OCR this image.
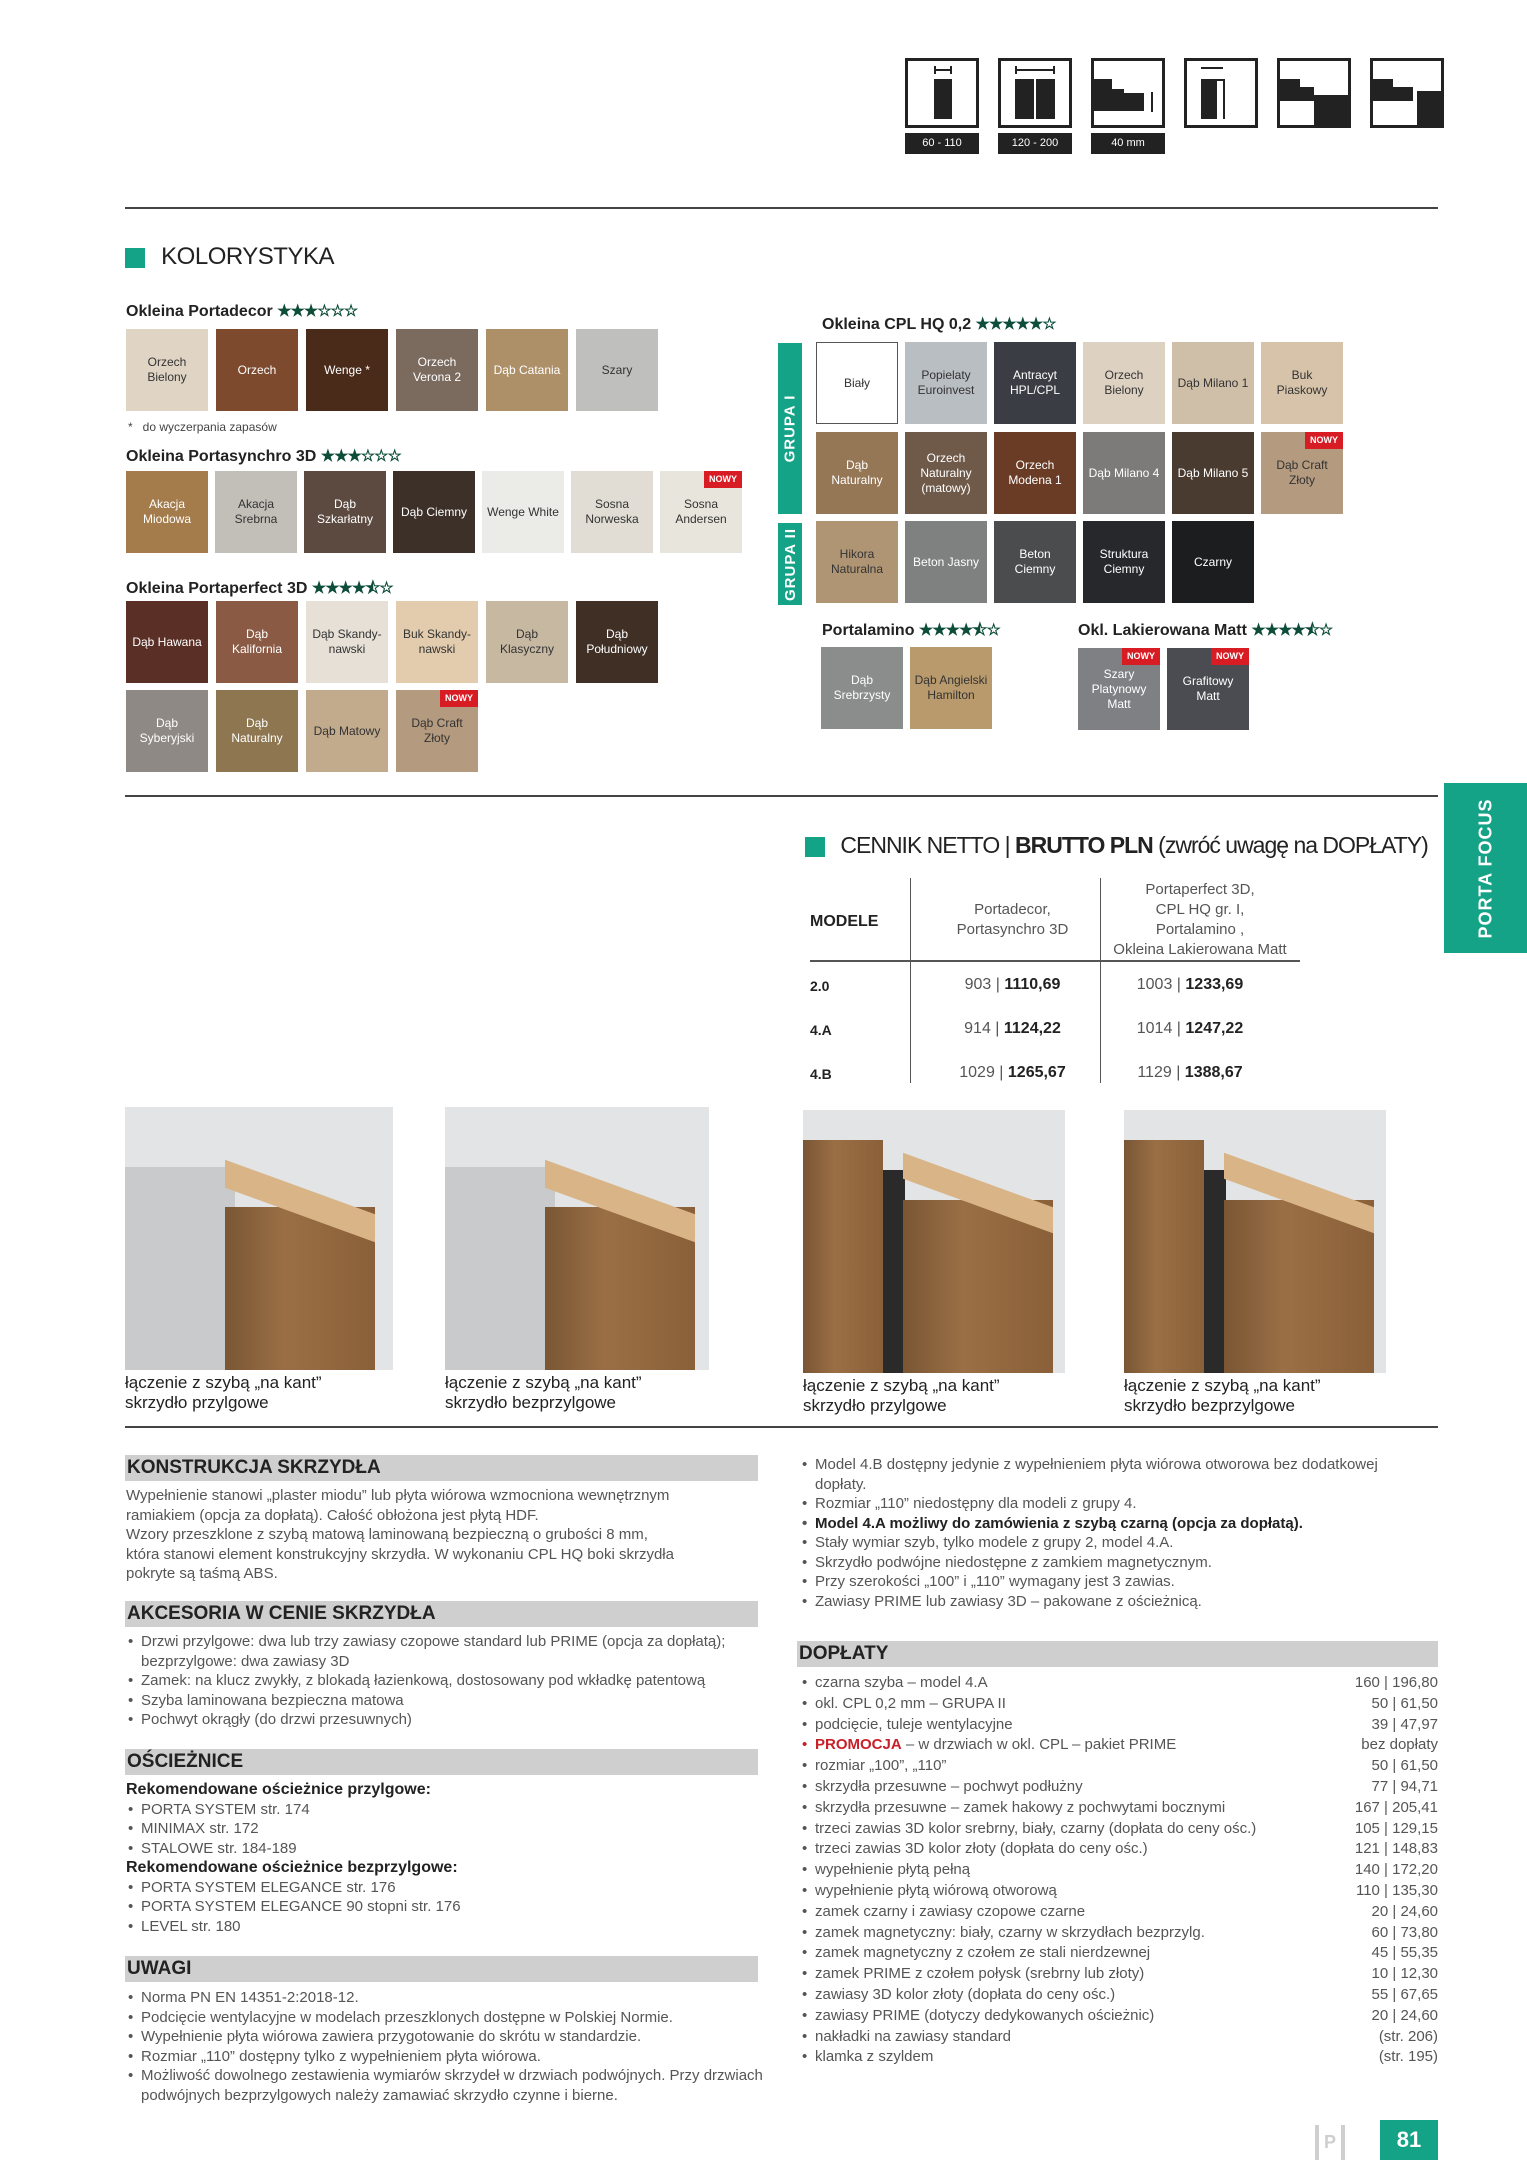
60 - 110	120 - 200	40 mm
KOLORYSTYKA
Okleina Portadecor ★★★☆☆☆
Orzech Bielony
Orzech	Wenge *
Orzech Verona 2
Dąb Catania	Szary
*   do wyczerpania zapasów
Okleina Portasynchro 3D ★★★☆☆☆
Akacja Miodowa
Akacja Srebrna
Dąb Szkarłatny
Dąb Ciemny	Wenge White
Sosna Norweska
Sosna Andersen
NOWY
Okleina Portaperfect 3D ★★★★⯪☆
Dąb Hawana
Dąb Kalifornia
Dąb Skandy-nawski
Buk Skandy-nawski
Dąb Klasyczny
Dąb Południowy
Dąb Syberyjski
Dąb Naturalny
Dąb Matowy
Dąb Craft Złoty
NOWY
Okleina CPL HQ 0,2 ★★★★★☆
GRUPA I
GRUPA II
Biały
Popielaty Euroinvest
Antracyt HPL/CPL
Orzech Bielony
Dąb Milano 1
Buk Piaskowy
Dąb Naturalny
Orzech Naturalny (matowy)
Orzech Modena 1
Dąb Milano 4	Dąb Milano 5
Dąb Craft Złoty
NOWY
Hikora Naturalna
Beton Jasny
Beton Ciemny
Struktura Ciemny
Czarny
Portalamino ★★★★⯪☆
Dąb Srebrzysty
Dąb Angielski Hamilton
Okl. Lakierowana Matt ★★★★⯪☆
Szary Platynowy Matt
NOWY
Grafitowy Matt
NOWY
PORTA FOCUS
CENNIK NETTO | BRUTTO PLN (zwróć uwagę na DOPŁATY)
MODELE
Portadecor, Portasynchro 3D
Portaperfect 3D,
CPL HQ gr. I,
Portalamino ,
Okleina Lakierowana Matt
2.0	903 | 1110,69	1003 | 1233,69
4.A	914 | 1124,22	1014 | 1247,22
4.B	1029 | 1265,67	1129 | 1388,67
łączenie z szybą „na kant”
skrzydło przylgowe
łączenie z szybą „na kant”
skrzydło bezprzylgowe
łączenie z szybą „na kant”
skrzydło przylgowe
łączenie z szybą „na kant”
skrzydło bezprzylgowe
KONSTRUKCJA SKRZYDŁA
Wypełnienie stanowi „plaster miodu” lub płyta wiórowa wzmocniona wewnętrznym
ramiakiem (opcja za dopłatą). Całość obłożona jest płytą HDF.
Wzory przeszklone z szybą matową laminowaną bezpieczną o grubości 8 mm,
która stanowi element konstrukcyjny skrzydła. W wykonaniu CPL HQ boki skrzydła
pokryte są taśmą ABS.
AKCESORIA W CENIE SKRZYDŁA
• Drzwi przylgowe: dwa lub trzy zawiasy czopowe standard lub PRIME (opcja za dopłatą); bezprzylgowe: dwa zawiasy 3D
• Zamek: na klucz zwykły, z blokadą łazienkową, dostosowany pod wkładkę patentową
• Szyba laminowana bezpieczna matowa
• Pochwyt okrągły (do drzwi przesuwnych)
OŚCIEŻNICE
Rekomendowane ościeżnice przylgowe:
• PORTA SYSTEM str. 174
• MINIMAX str. 172
• STALOWE str. 184-189
Rekomendowane ościeżnice bezprzylgowe:
• PORTA SYSTEM ELEGANCE str. 176
• PORTA SYSTEM ELEGANCE 90 stopni str. 176
• LEVEL str. 180
UWAGI
• Norma PN EN 14351-2:2018-12.
• Podcięcie wentylacyjne w modelach przeszklonych dostępne w Polskiej Normie.
• Wypełnienie płyta wiórowa zawiera przygotowanie do skrótu w standardzie.
• Rozmiar „110” dostępny tylko z wypełnieniem płyta wiórowa.
• Możliwość dowolnego zestawienia wymiarów skrzydeł w drzwiach podwójnych. Przy drzwiach podwójnych bezprzylgowych należy zamawiać skrzydło czynne i bierne.
• Model 4.B dostępny jedynie z wypełnieniem płyta wiórowa otworowa bez dodatkowej dopłaty.
• Rozmiar „110” niedostępny dla modeli z grupy 4.
• Model 4.A możliwy do zamówienia z szybą czarną (opcja za dopłatą).
• Stały wymiar szyb, tylko modele z grupy 2, model 4.A.
• Skrzydło podwójne niedostępne z zamkiem magnetycznym.
• Przy szerokości „100” i „110” wymagany jest 3 zawias.
• Zawiasy PRIME lub zawiasy 3D – pakowane z ościeżnicą.
DOPŁATY
• czarna szyba – model 4.A	160 | 196,80
• okl. CPL 0,2 mm – GRUPA II	50 | 61,50
• podcięcie, tuleje wentylacyjne	39 | 47,97
• PROMOCJA – w drzwiach w okl. CPL – pakiet PRIME	bez dopłaty
• rozmiar „100”, „110”	50 | 61,50
• skrzydła przesuwne – pochwyt podłużny	77 | 94,71
• skrzydła przesuwne – zamek hakowy z pochwytami bocznymi	167 | 205,41
• trzeci zawias 3D kolor srebrny, biały, czarny (dopłata do ceny ośc.)	105 | 129,15
• trzeci zawias 3D kolor złoty (dopłata do ceny ośc.)	121 | 148,83
• wypełnienie płytą pełną	140 | 172,20
• wypełnienie płytą wiórową otworową	110 | 135,30
• zamek czarny i zawiasy czopowe czarne	20 | 24,60
• zamek magnetyczny: biały, czarny w skrzydłach bezprzylg.	60 | 73,80
• zamek magnetyczny z czołem ze stali nierdzewnej	45 | 55,35
• zamek PRIME z czołem połysk (srebrny lub złoty)	10 | 12,30
• zawiasy 3D kolor złoty (dopłata do ceny ośc.)	55 | 67,65
• zawiasy PRIME (dotyczy dedykowanych ościeżnic)	20 | 24,60
• nakładki na zawiasy standard	(str. 206)
• klamka z szyldem	(str. 195)
P	81
